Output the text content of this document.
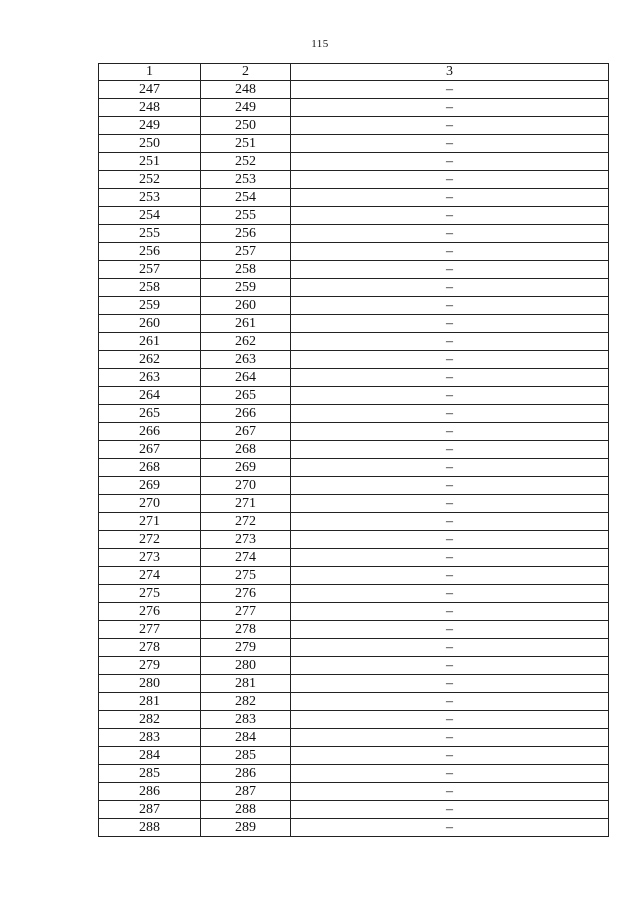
115
1	2	3
247	248	–
248	249	–
249	250	–
250	251	–
251	252	–
252	253	–
253	254	–
254	255	–
255	256	–
256	257	–
257	258	–
258	259	–
259	260	–
260	261	–
261	262	–
262	263	–
263	264	–
264	265	–
265	266	–
266	267	–
267	268	–
268	269	–
269	270	–
270	271	–
271	272	–
272	273	–
273	274	–
274	275	–
275	276	–
276	277	–
277	278	–
278	279	–
279	280	–
280	281	–
281	282	–
282	283	–
283	284	–
284	285	–
285	286	–
286	287	–
287	288	–
288	289	–
